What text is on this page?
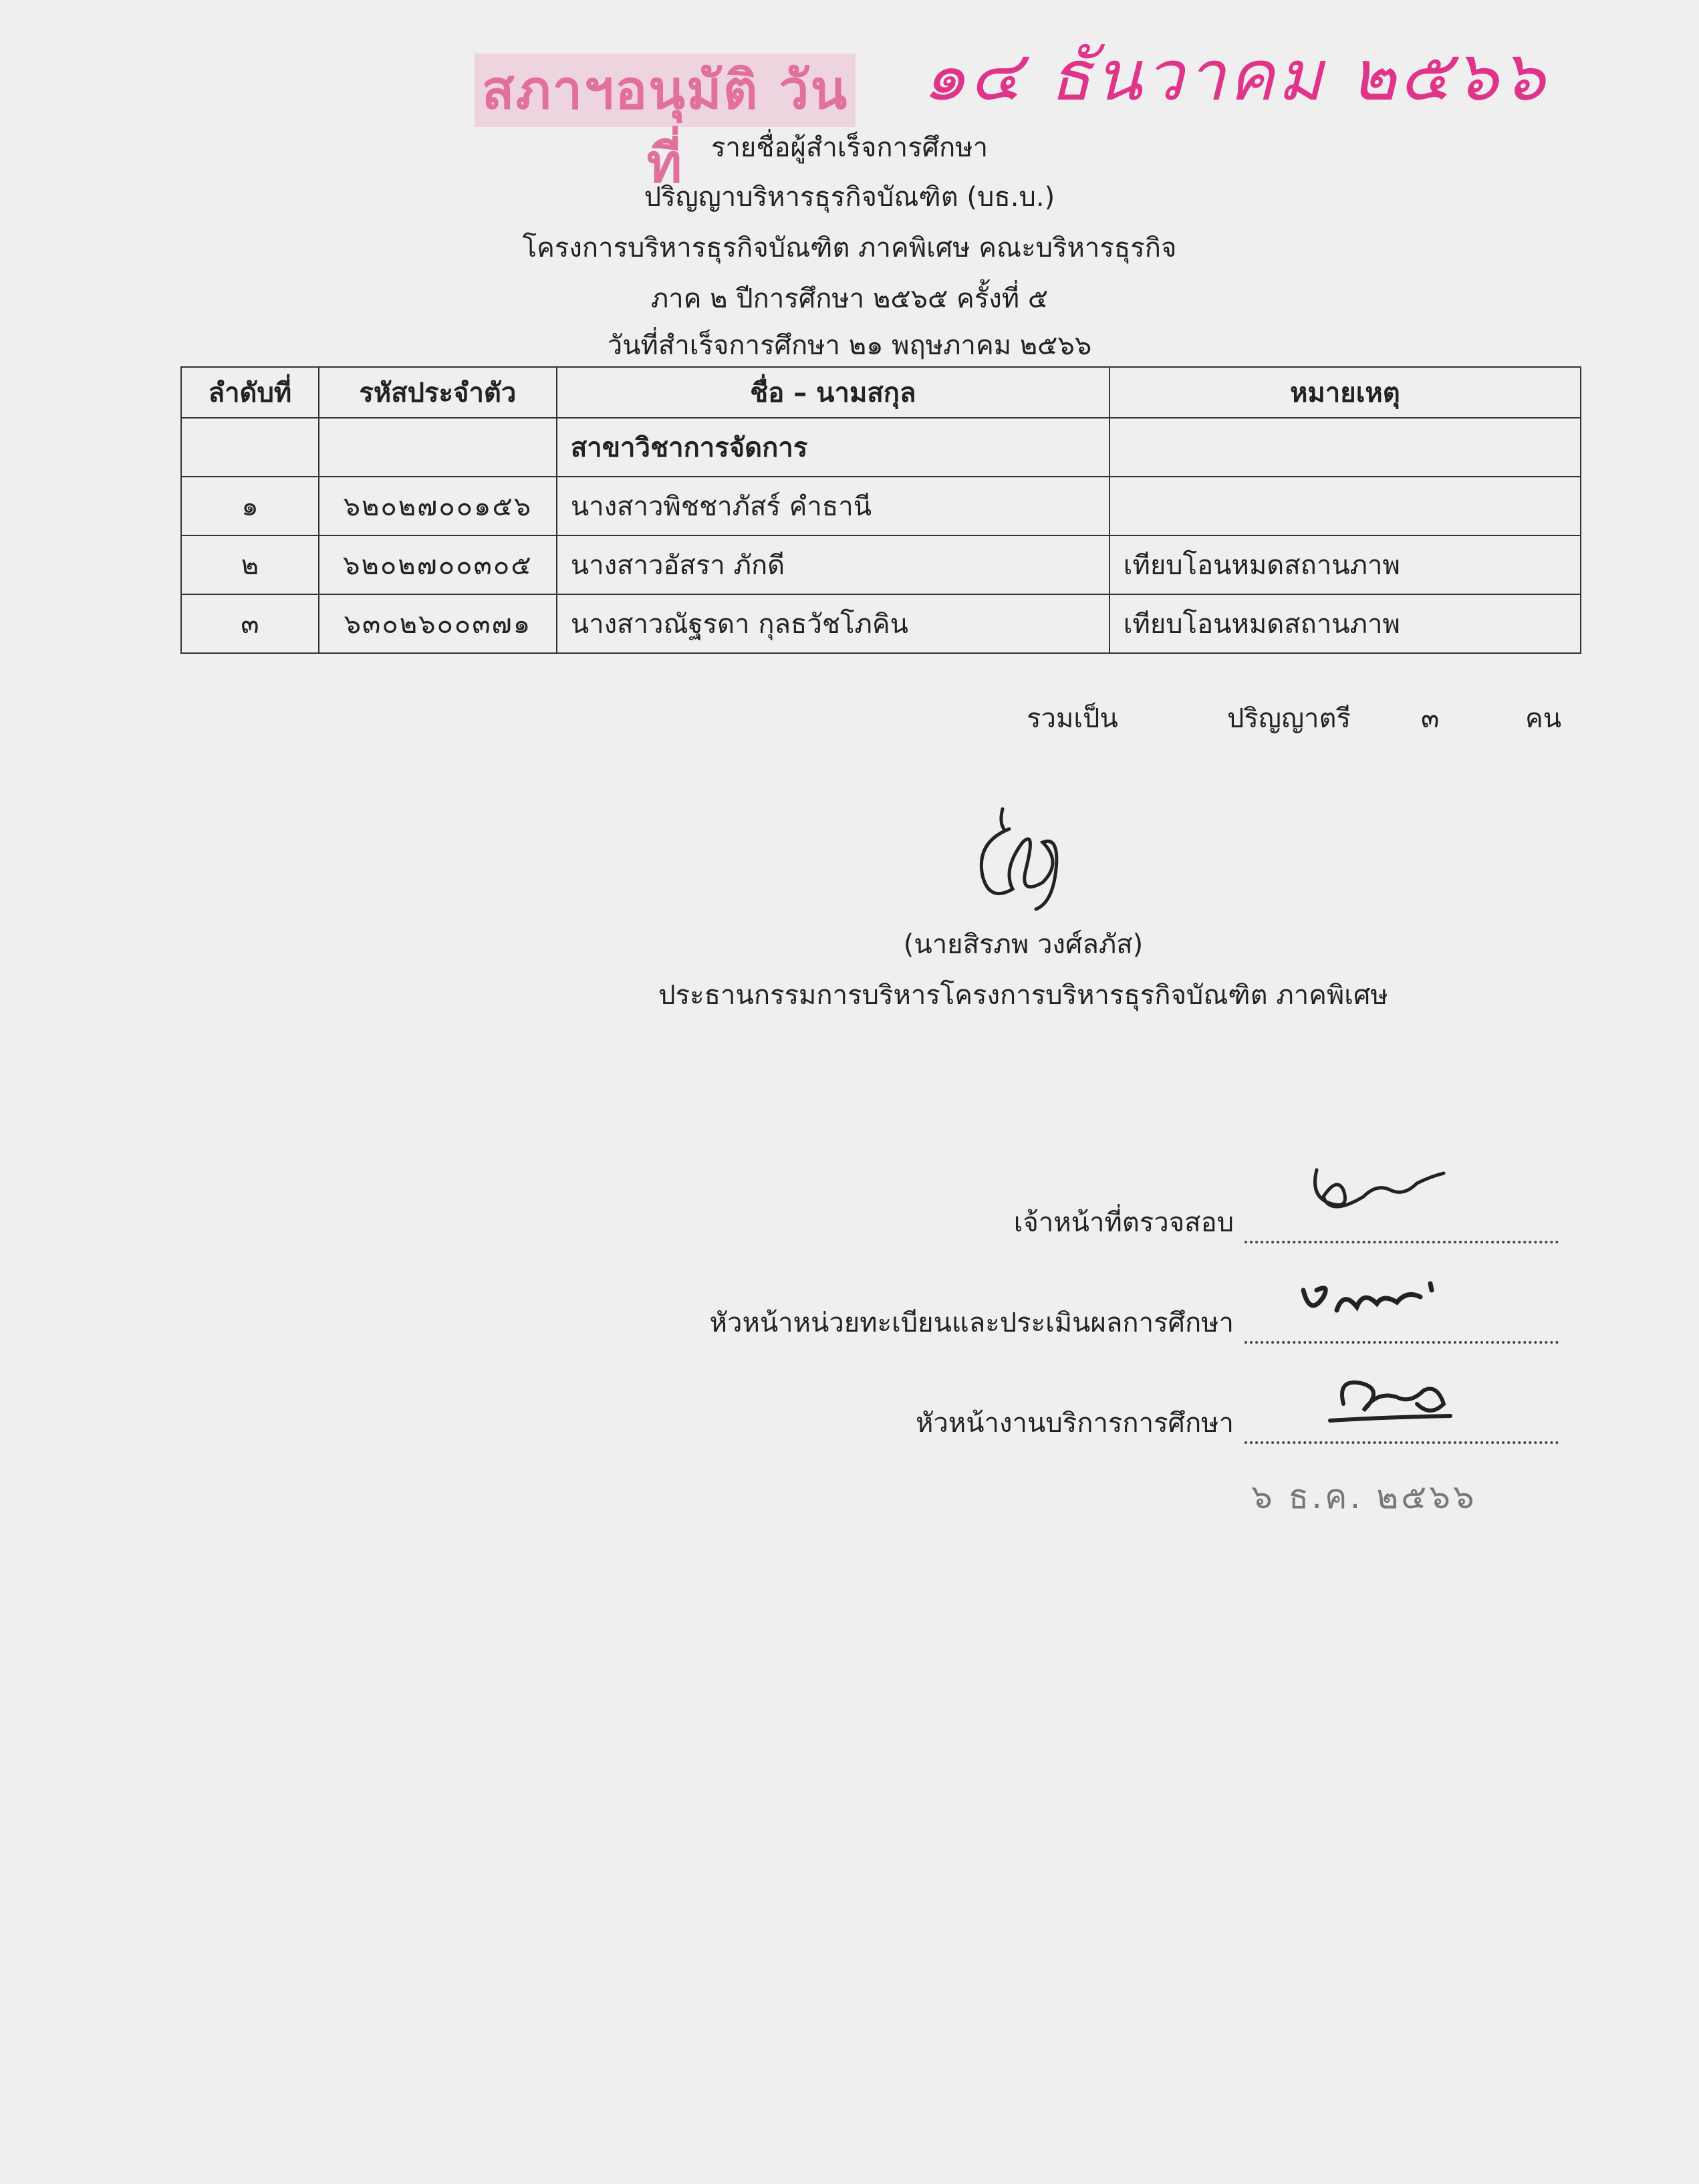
สภาฯอนุมัติ วันที่
๑๔ ธันวาคม ๒๕๖๖
รายชื่อผู้สำเร็จการศึกษา
ปริญญาบริหารธุรกิจบัณฑิต (บธ.บ.)
โครงการบริหารธุรกิจบัณฑิต ภาคพิเศษ คณะบริหารธุรกิจ
ภาค ๒ ปีการศึกษา ๒๕๖๕ ครั้งที่ ๕
วันที่สำเร็จการศึกษา ๒๑ พฤษภาคม ๒๕๖๖
ลำดับที่	รหัสประจำตัว	ชื่อ – นามสกุล	หมายเหตุ
		สาขาวิชาการจัดการ	
๑	๖๒๐๒๗๐๐๑๕๖	นางสาวพิชชาภัสร์ คำธานี	
๒	๖๒๐๒๗๐๐๓๐๕	นางสาวอัสรา ภักดี	เทียบโอนหมดสถานภาพ
๓	๖๓๐๒๖๐๐๓๗๑	นางสาวณัฐรดา กุลธวัชโภคิน	เทียบโอนหมดสถานภาพ
รวมเป็น	ปริญญาตรี	๓	คน
(นายสิรภพ วงศ์ลภัส)
ประธานกรรมการบริหารโครงการบริหารธุรกิจบัณฑิต ภาคพิเศษ
เจ้าหน้าที่ตรวจสอบ
หัวหน้าหน่วยทะเบียนและประเมินผลการศึกษา
หัวหน้างานบริการการศึกษา
๖ ธ.ค. ๒๕๖๖
